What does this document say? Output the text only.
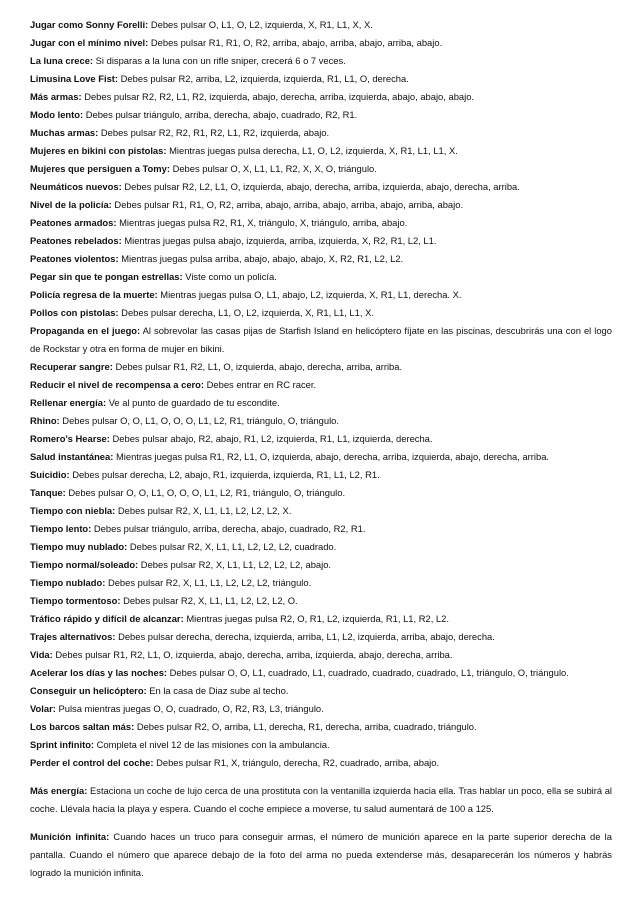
Jugar como Sonny Forelli: Debes pulsar O, L1, O, L2, izquierda, X, R1, L1, X, X.
Jugar con el mínimo nivel: Debes pulsar R1, R1, O, R2, arriba, abajo, arriba, abajo, arriba, abajo.
La luna crece: Si disparas a la luna con un rifle sniper, crecerá 6 o 7 veces.
Limusina Love Fist: Debes pulsar R2, arriba, L2, izquierda, izquierda, R1, L1, O, derecha.
Más armas: Debes pulsar R2, R2, L1, R2, izquierda, abajo, derecha, arriba, izquierda, abajo, abajo, abajo.
Modo lento: Debes pulsar triángulo, arriba, derecha, abajo, cuadrado, R2, R1.
Muchas armas: Debes pulsar R2, R2, R1, R2, L1, R2, izquierda, abajo.
Mujeres en bikini con pistolas: Mientras juegas pulsa derecha, L1, O, L2, izquierda, X, R1, L1, L1, X.
Mujeres que persiguen a Tomy: Debes pulsar O, X, L1, L1, R2, X, X, O, triángulo.
Neumáticos nuevos: Debes pulsar R2, L2, L1, O, izquierda, abajo, derecha, arriba, izquierda, abajo, derecha, arriba.
Nivel de la policía: Debes pulsar R1, R1, O, R2, arriba, abajo, arriba, abajo, arriba, abajo, arriba, abajo.
Peatones armados: Mientras juegas pulsa R2, R1, X, triángulo, X, triángulo, arriba, abajo.
Peatones rebelados: Mientras juegas pulsa abajo, izquierda, arriba, izquierda, X, R2, R1, L2, L1.
Peatones violentos: Mientras juegas pulsa arriba, abajo, abajo, abajo, X, R2, R1, L2, L2.
Pegar sin que te pongan estrellas: Viste como un policía.
Policía regresa de la muerte: Mientras juegas pulsa O, L1, abajo, L2, izquierda, X, R1, L1, derecha. X.
Pollos con pistolas: Debes pulsar derecha, L1, O, L2, izquierda, X, R1, L1, L1, X.
Propaganda en el juego: Al sobrevolar las casas pijas de Starfish Island en helicóptero fíjate en las piscinas, descubrirás una con el logo de Rockstar y otra en forma de mujer en bikini.
Recuperar sangre: Debes pulsar R1, R2, L1, O, izquierda, abajo, derecha, arriba, arriba.
Reducir el nivel de recompensa a cero: Debes entrar en RC racer.
Rellenar energía: Ve al punto de guardado de tu escondite.
Rhino: Debes pulsar O, O, L1, O, O, O, L1, L2, R1, triángulo, O, triángulo.
Romero’s Hearse: Debes pulsar abajo, R2, abajo, R1, L2, izquierda, R1, L1, izquierda, derecha.
Salud instantánea: Mientras juegas pulsa R1, R2, L1, O, izquierda, abajo, derecha, arriba, izquierda, abajo, derecha, arriba.
Suicidio: Debes pulsar derecha, L2, abajo, R1, izquierda, izquierda, R1, L1, L2, R1.
Tanque: Debes pulsar O, O, L1, O, O, O, L1, L2, R1, triángulo, O, triángulo.
Tiempo con niebla: Debes pulsar R2, X, L1, L1, L2, L2, L2, X.
Tiempo lento: Debes pulsar triángulo, arriba, derecha, abajo, cuadrado, R2, R1.
Tiempo muy nublado: Debes pulsar R2, X, L1, L1, L2, L2, L2, cuadrado.
Tiempo normal/soleado: Debes pulsar R2, X, L1, L1, L2, L2, L2, abajo.
Tiempo nublado: Debes pulsar R2, X, L1, L1, L2, L2, L2, triángulo.
Tiempo tormentoso: Debes pulsar R2, X, L1, L1, L2, L2, L2, O.
Tráfico rápido y difícil de alcanzar: Mientras juegas pulsa R2, O, R1, L2, izquierda, R1, L1, R2, L2.
Trajes alternativos: Debes pulsar derecha, derecha, izquierda, arriba, L1, L2, izquierda, arriba, abajo, derecha.
Vida: Debes pulsar R1, R2, L1, O, izquierda, abajo, derecha, arriba, izquierda, abajo, derecha, arriba.
Acelerar los días y las noches: Debes pulsar O, O, L1, cuadrado, L1, cuadrado, cuadrado, cuadrado, L1, triángulo, O, triángulo.
Conseguir un helicóptero: En la casa de Diaz sube al techo.
Volar: Pulsa mientras juegas O, O, cuadrado, O, R2, R3, L3, triángulo.
Los barcos saltan más: Debes pulsar R2, O, arriba, L1, derecha, R1, derecha, arriba, cuadrado, triángulo.
Sprint infinito: Completa el nivel 12 de las misiones con la ambulancia.
Perder el control del coche: Debes pulsar R1, X, triángulo, derecha, R2, cuadrado, arriba, abajo.
Más energía: Estaciona un coche de lujo cerca de una prostituta con la ventanilla izquierda hacia ella. Tras hablar un poco, ella se subirá al coche. Llévala hacia la playa y espera. Cuando el coche empiece a moverse, tu salud aumentará de 100 a 125.
Munición infinita: Cuando haces un truco para conseguir armas, el número de munición aparece en la parte superior derecha de la pantalla. Cuando el número que aparece debajo de la foto del arma no pueda extenderse más, desaparecerán los números y habrás logrado la munición infinita.
